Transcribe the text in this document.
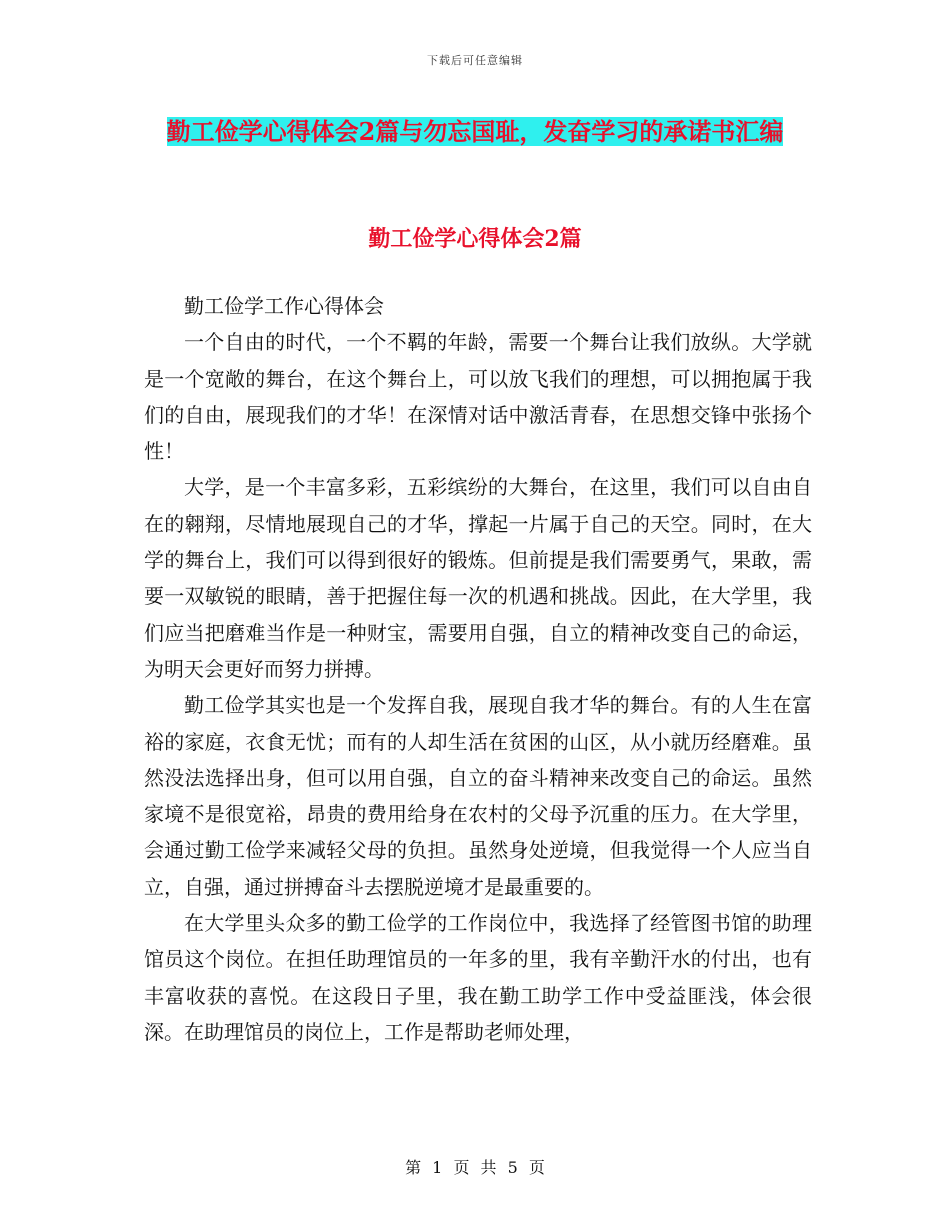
下载后可任意编辑
勤工俭学心得体会2篇与勿忘国耻，发奋学习的承诺书汇编
勤工俭学心得体会2篇

勤工俭学工作心得体会

一个自由的时代，一个不羁的年龄，需要一个舞台让我们放纵。大学就是一个宽敞的舞台，在这个舞台上，可以放飞我们的理想，可以拥抱属于我们的自由，展现我们的才华！在深情对话中激活青春，在思想交锋中张扬个性！

大学，是一个丰富多彩，五彩缤纷的大舞台，在这里，我们可以自由自在的翱翔，尽情地展现自己的才华，撑起一片属于自己的天空。同时，在大学的舞台上，我们可以得到很好的锻炼。但前提是我们需要勇气，果敢，需要一双敏锐的眼睛，善于把握住每一次的机遇和挑战。因此，在大学里，我们应当把磨难当作是一种财宝，需要用自强，自立的精神改变自己的命运，为明天会更好而努力拼搏。

勤工俭学其实也是一个发挥自我，展现自我才华的舞台。有的人生在富裕的家庭，衣食无忧；而有的人却生活在贫困的山区，从小就历经磨难。虽然没法选择出身，但可以用自强，自立的奋斗精神来改变自己的命运。虽然家境不是很宽裕，昂贵的费用给身在农村的父母予沉重的压力。在大学里，会通过勤工俭学来减轻父母的负担。虽然身处逆境，但我觉得一个人应当自立，自强，通过拼搏奋斗去摆脱逆境才是最重要的。

在大学里头众多的勤工俭学的工作岗位中，我选择了经管图书馆的助理馆员这个岗位。在担任助理馆员的一年多的里，我有辛勤汗水的付出，也有丰富收获的喜悦。在这段日子里，我在勤工助学工作中受益匪浅，体会很深。在助理馆员的岗位上，工作是帮助老师处理，

第 1 页 共 5 页
